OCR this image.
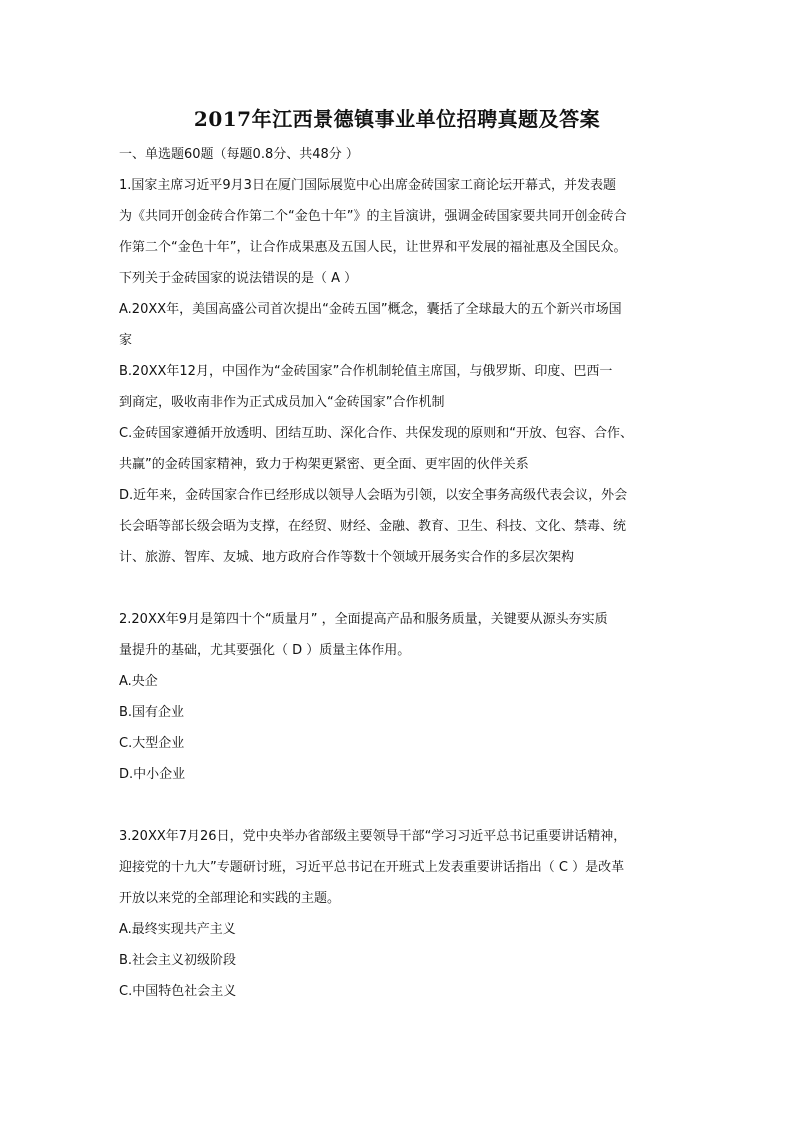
2017年江西景德镇事业单位招聘真题及答案
一、单选题60题（每题0.8分、共48分 ）
1.国家主席习近平9月3日在厦门国际展览中心出席金砖国家工商论坛开幕式，并发表题
为《共同开创金砖合作第二个“金色十年”》的主旨演讲，强调金砖国家要共同开创金砖合
作第二个“金色十年”，让合作成果惠及五国人民，让世界和平发展的福祉惠及全国民众。
下列关于金砖国家的说法错误的是（ A ）
A.20XX年，美国高盛公司首次提出“金砖五国”概念，囊括了全球最大的五个新兴市场国
家
B.20XX年12月，中国作为“金砖国家”合作机制轮值主席国，与俄罗斯、印度、巴西一
到商定，吸收南非作为正式成员加入“金砖国家”合作机制
C.金砖国家遵循开放透明、团结互助、深化合作、共保发现的原则和“开放、包容、合作、
共赢”的金砖国家精神，致力于构架更紧密、更全面、更牢固的伙伴关系
D.近年来，金砖国家合作已经形成以领导人会晤为引领，以安全事务高级代表会议，外会
长会晤等部长级会晤为支撑，在经贸、财经、金融、教育、卫生、科技、文化、禁毒、统
计、旅游、智库、友城、地方政府合作等数十个领域开展务实合作的多层次架构
2.20XX年9月是第四十个“质量月” ，全面提高产品和服务质量，关键要从源头夯实质
量提升的基础，尤其要强化（ D ）质量主体作用。
A.央企
B.国有企业
C.大型企业
D.中小企业
3.20XX年7月26日，党中央举办省部级主要领导干部“学习习近平总书记重要讲话精神，
迎接党的十九大”专题研讨班，习近平总书记在开班式上发表重要讲话指出（ C ）是改革
开放以来党的全部理论和实践的主题。
A.最终实现共产主义
B.社会主义初级阶段
C.中国特色社会主义
